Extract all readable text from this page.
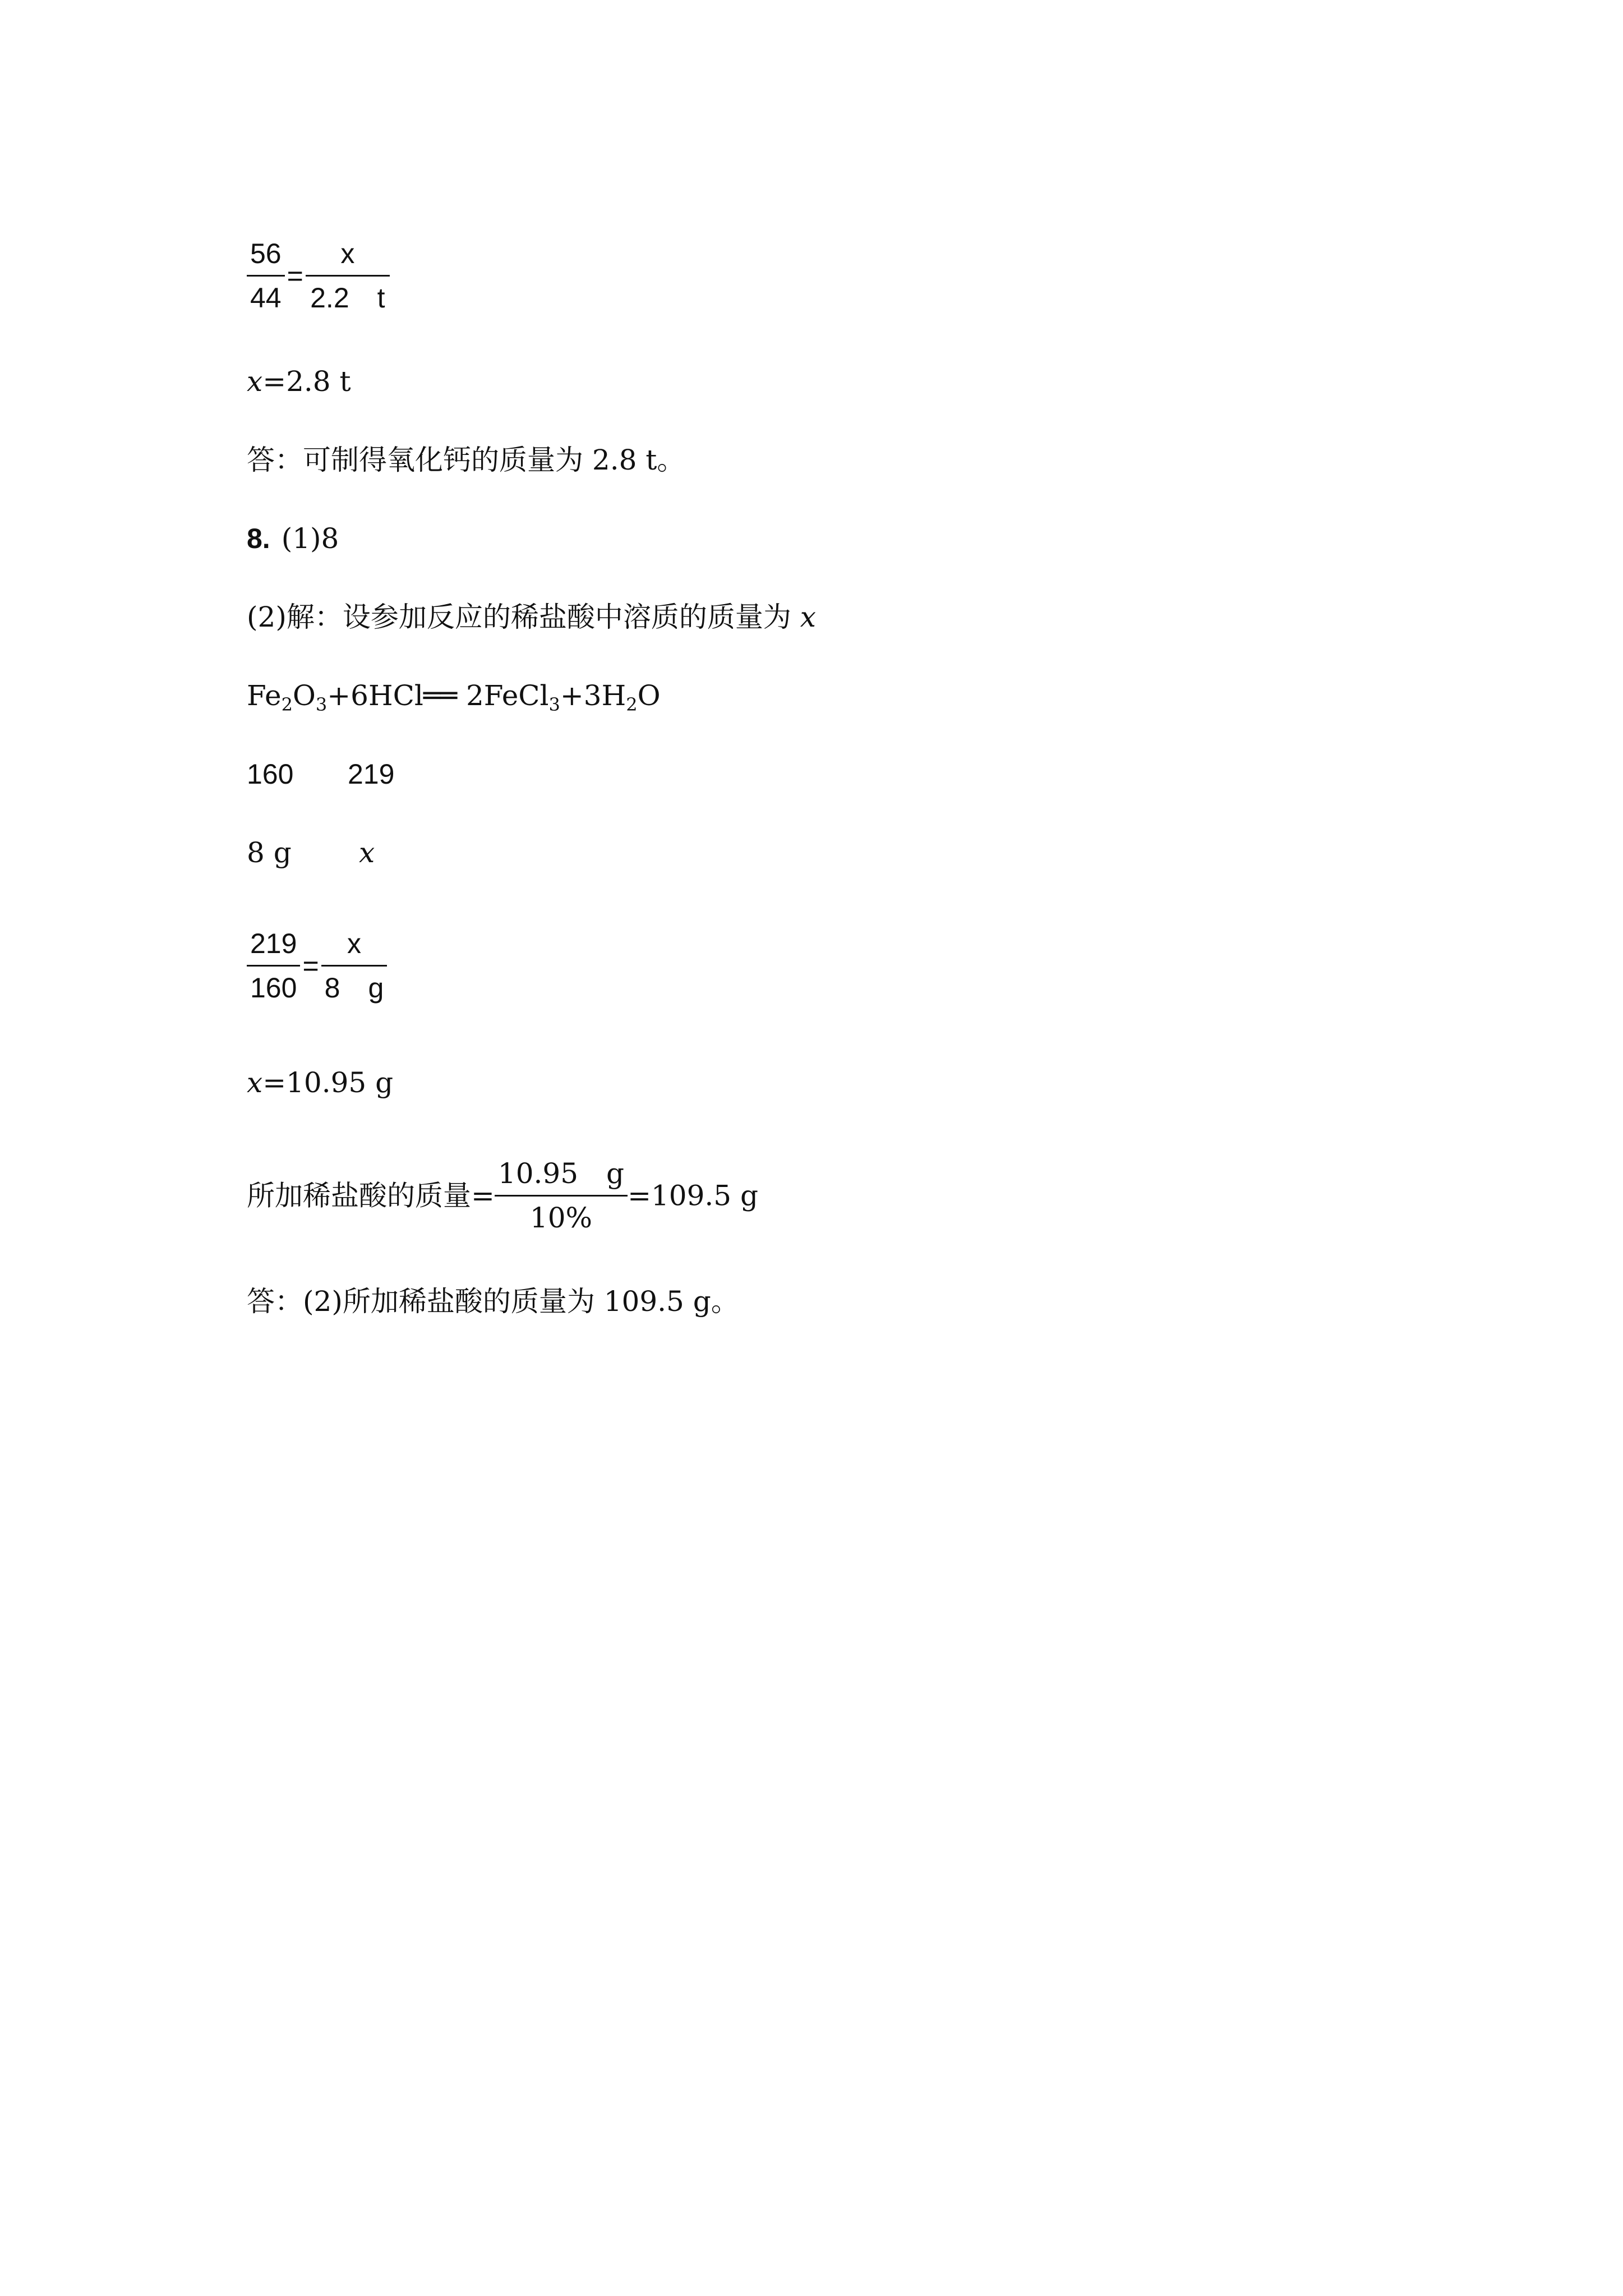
$\frac{56}{44} = \frac{x}{2.2 t}$
x=2.8 t
答：可制得氧化钙的质量为 2.8 t。
8. (1)8
(2)解：设参加反应的稀盐酸中溶质的质量为 x
$Fe_2O_3+6HCl══$ $2FeCl_3+3H_2O$
160 219
8 g x
$\frac{219}{160} = \frac{x}{8 g}$
x=10.95 g
所加稀盐酸的质量= $\frac{10.95 g}{10\%} =109.5$ g
答：(2)所加稀盐酸的质量为 109.5 g。
